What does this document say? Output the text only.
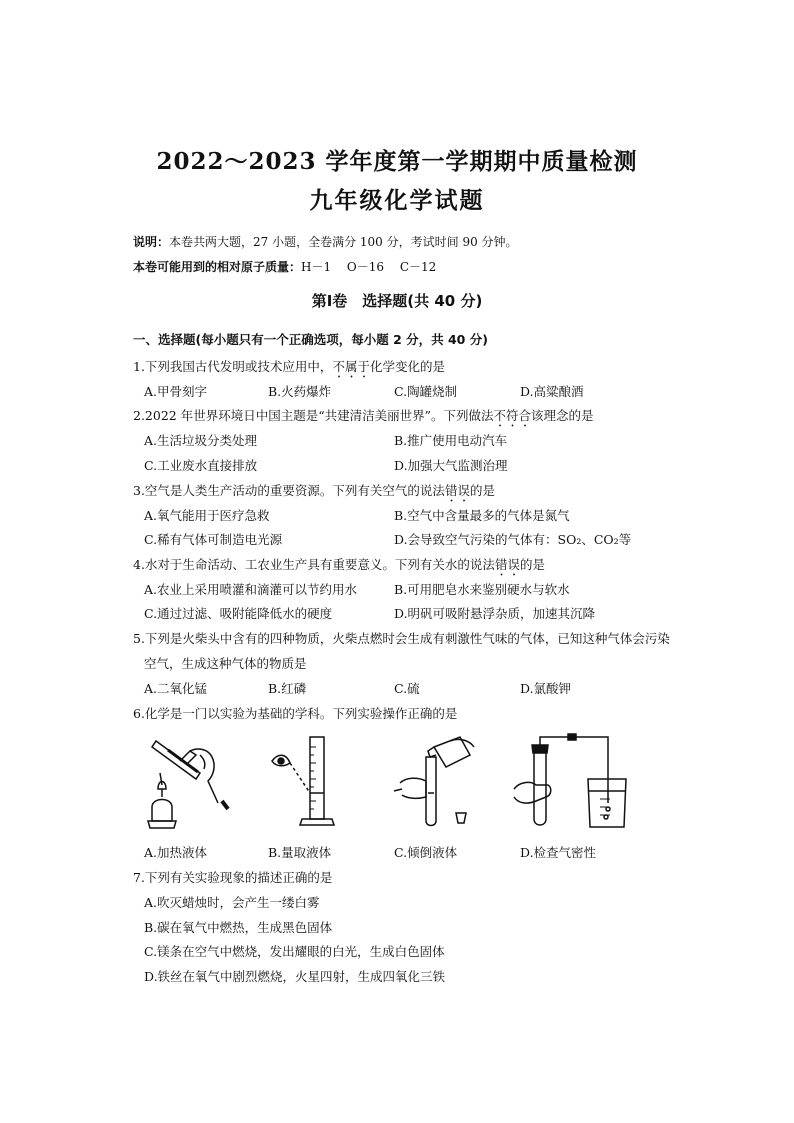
2022～2023 学年度第一学期期中质量检测
九年级化学试题
说明：本卷共两大题，27 小题，全卷满分 100 分，考试时间 90 分钟。
本卷可能用到的相对原子质量：H－1　 O－16　 C－12
第Ⅰ卷　选择题(共 40 分)
一、选择题(每小题只有一个正确选项，每小题 2 分，共 40 分)
1.下列我国古代发明或技术应用中，不属于化学变化的是
A.甲骨刻字	B.火药爆炸	C.陶罐烧制	D.高粱酿酒
2.2022 年世界环境日中国主题是“共建清洁美丽世界”。下列做法不符合该理念的是
A.生活垃圾分类处理	B.推广使用电动汽车
C.工业废水直接排放	D.加强大气监测治理
3.空气是人类生产活动的重要资源。下列有关空气的说法错误的是
A.氧气能用于医疗急救	B.空气中含量最多的气体是氮气
C.稀有气体可制造电光源	D.会导致空气污染的气体有：SO₂、CO₂等
4.水对于生命活动、工农业生产具有重要意义。下列有关水的说法错误的是
A.农业上采用喷灌和滴灌可以节约用水	B.可用肥皂水来鉴别硬水与软水
C.通过过滤、吸附能降低水的硬度	D.明矾可吸附悬浮杂质，加速其沉降
5.下列是火柴头中含有的四种物质，火柴点燃时会生成有刺激性气味的气体，已知这种气体会污染
空气，生成这种气体的物质是
A.二氧化锰	B.红磷	C.硫	D.氯酸钾
6.化学是一门以实验为基础的学科。下列实验操作正确的是
A.加热液体	B.量取液体	C.倾倒液体	D.检查气密性
7.下列有关实验现象的描述正确的是
A.吹灭蜡烛时，会产生一缕白雾
B.碳在氧气中燃热，生成黑色固体
C.镁条在空气中燃烧，发出耀眼的白光，生成白色固体
D.铁丝在氧气中剧烈燃烧，火星四射，生成四氧化三铁
